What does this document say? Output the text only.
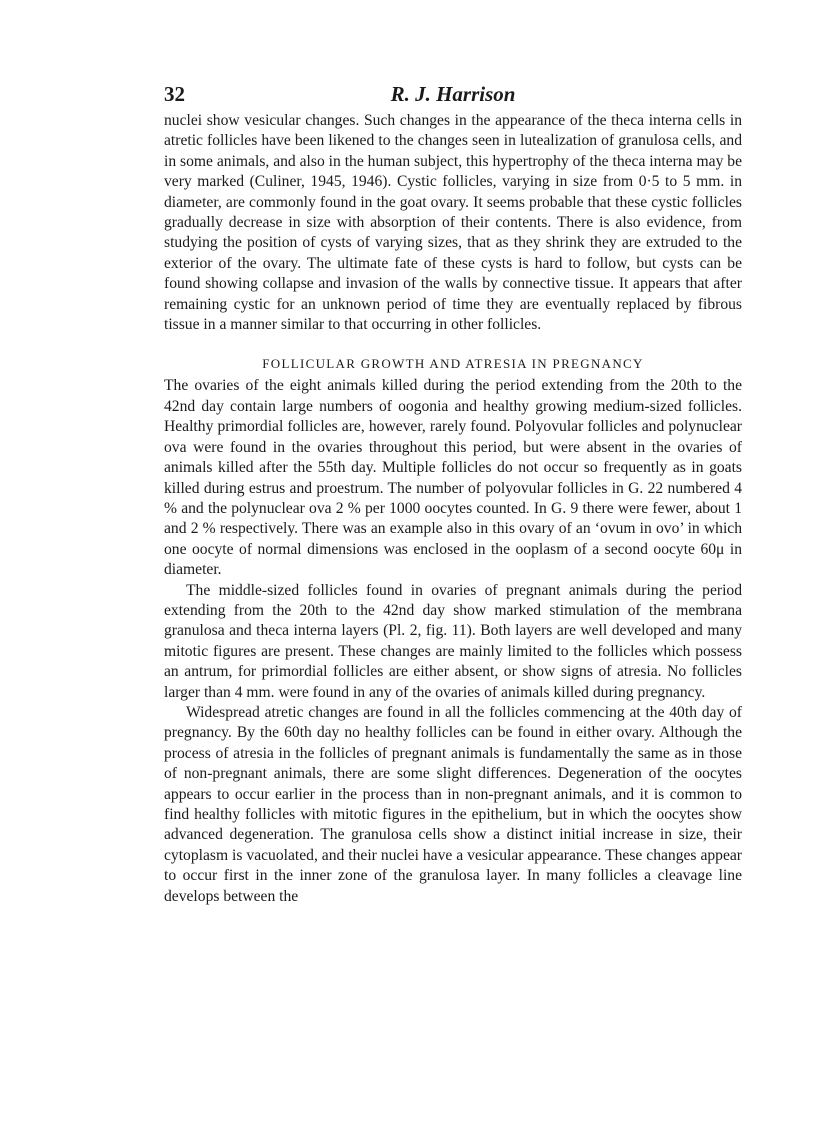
32	R. J. Harrison

nuclei show vesicular changes. Such changes in the appearance of the theca interna cells in atretic follicles have been likened to the changes seen in lutealization of granulosa cells, and in some animals, and also in the human subject, this hypertrophy of the theca interna may be very marked (Culiner, 1945, 1946). Cystic follicles, varying in size from 0·5 to 5 mm. in diameter, are commonly found in the goat ovary. It seems probable that these cystic follicles gradually decrease in size with absorption of their contents. There is also evidence, from studying the position of cysts of varying sizes, that as they shrink they are extruded to the exterior of the ovary. The ultimate fate of these cysts is hard to follow, but cysts can be found showing collapse and invasion of the walls by connective tissue. It appears that after remaining cystic for an unknown period of time they are eventually replaced by fibrous tissue in a manner similar to that occurring in other follicles.

FOLLICULAR GROWTH AND ATRESIA IN PREGNANCY

The ovaries of the eight animals killed during the period extending from the 20th to the 42nd day contain large numbers of oogonia and healthy growing medium-sized follicles. Healthy primordial follicles are, however, rarely found. Polyovular follicles and polynuclear ova were found in the ovaries throughout this period, but were absent in the ovaries of animals killed after the 55th day. Multiple follicles do not occur so frequently as in goats killed during estrus and proestrum. The number of polyovular follicles in G. 22 numbered 4 % and the polynuclear ova 2 % per 1000 oocytes counted. In G. 9 there were fewer, about 1 and 2 % respectively. There was an example also in this ovary of an ‘ovum in ovo’ in which one oocyte of normal dimensions was enclosed in the ooplasm of a second oocyte 60μ in diameter.

The middle-sized follicles found in ovaries of pregnant animals during the period extending from the 20th to the 42nd day show marked stimulation of the membrana granulosa and theca interna layers (Pl. 2, fig. 11). Both layers are well developed and many mitotic figures are present. These changes are mainly limited to the follicles which possess an antrum, for primordial follicles are either absent, or show signs of atresia. No follicles larger than 4 mm. were found in any of the ovaries of animals killed during pregnancy.

Widespread atretic changes are found in all the follicles commencing at the 40th day of pregnancy. By the 60th day no healthy follicles can be found in either ovary. Although the process of atresia in the follicles of pregnant animals is fundamentally the same as in those of non-pregnant animals, there are some slight differences. Degeneration of the oocytes appears to occur earlier in the process than in non-pregnant animals, and it is common to find healthy follicles with mitotic figures in the epithelium, but in which the oocytes show advanced degeneration. The granulosa cells show a distinct initial increase in size, their cytoplasm is vacuolated, and their nuclei have a vesicular appearance. These changes appear to occur first in the inner zone of the granulosa layer. In many follicles a cleavage line develops between the
